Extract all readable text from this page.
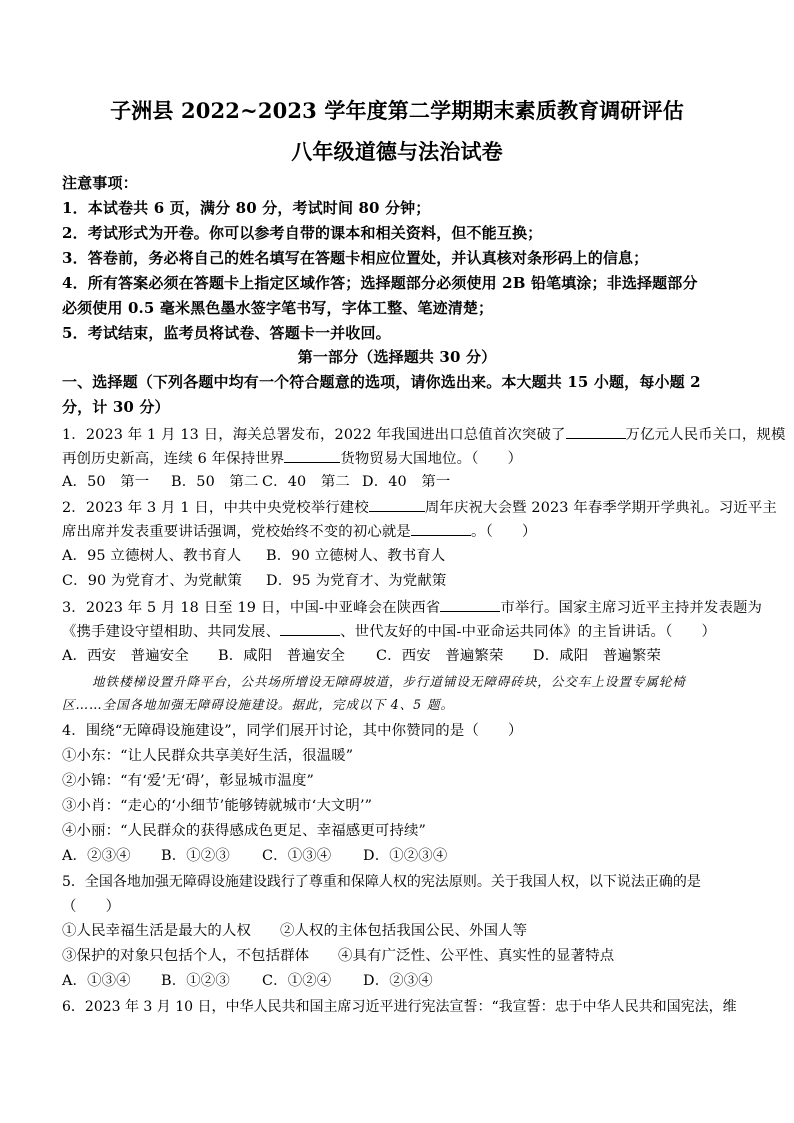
子洲县 2022~2023 学年度第二学期期末素质教育调研评估
八年级道德与法治试卷
注意事项：
1．本试卷共 6 页，满分 80 分，考试时间 80 分钟；
2．考试形式为开卷。你可以参考自带的课本和相关资料，但不能互换；
3．答卷前，务必将自己的姓名填写在答题卡相应位置处，并认真核对条形码上的信息；
4．所有答案必须在答题卡上指定区域作答；选择题部分必须使用 2B 铅笔填涂；非选择题部分
必须使用 0.5 毫米黑色墨水签字笔书写，字体工整、笔迹清楚；
5．考试结束，监考员将试卷、答题卡一并收回。
第一部分（选择题共 30 分）
一、选择题（下列各题中均有一个符合题意的选项，请你选出来。本大题共 15 小题，每小题 2
分，计 30 分）
1．2023 年 1 月 13 日，海关总署发布，2022 年我国进出口总值首次突破了	万亿元人民币关口，规模
再创历史新高，连续 6 年保持世界	货物贸易大国地位。（　　）
A．50　第一 B．50　第二 C．40　第二 D．40　第一
2．2023 年 3 月 1 日，中共中央党校举行建校	周年庆祝大会暨 2023 年春季学期开学典礼。习近平主
席出席并发表重要讲话强调，党校始终不变的初心就是	。（　　）
A．95 立德树人、教书育人 B．90 立德树人、教书育人
C．90 为党育才、为党献策 D．95 为党育才、为党献策
3．2023 年 5 月 18 日至 19 日，中国-中亚峰会在陕西省	市举行。国家主席习近平主持并发表题为
《携手建设守望相助、共同发展、	、世代友好的中国-中亚命运共同体》的主旨讲话。（　　）
A．西安　普遍安全 B．咸阳　普遍安全 C．西安　普遍繁荣 D．咸阳　普遍繁荣
地铁楼梯设置升降平台，公共场所增设无障碍坡道，步行道铺设无障碍砖块，公交车上设置专属轮椅
区……全国各地加强无障碍设施建设。据此，完成以下 4、5 题。
4．围绕“无障碍设施建设”，同学们展开讨论，其中你赞同的是（　　）
①小东：“让人民群众共享美好生活，很温暖”
②小锦：“有‘爱’无‘碍’，彰显城市温度”
③小肖：“走心的‘小细节’能够铸就城市‘大文明’”
④小丽：“人民群众的获得感成色更足、幸福感更可持续”
A．②③④ B．①②③ C．①③④ D．①②③④
5．全国各地加强无障碍设施建设践行了尊重和保障人权的宪法原则。关于我国人权，以下说法正确的是
（　　）
①人民幸福生活是最大的人权 ②人权的主体包括我国公民、外国人等
③保护的对象只包括个人，不包括群体 ④具有广泛性、公平性、真实性的显著特点
A．①③④ B．①②③ C．①②④ D．②③④
6．2023 年 3 月 10 日，中华人民共和国主席习近平进行宪法宣誓：“我宣誓：忠于中华人民共和国宪法，维
